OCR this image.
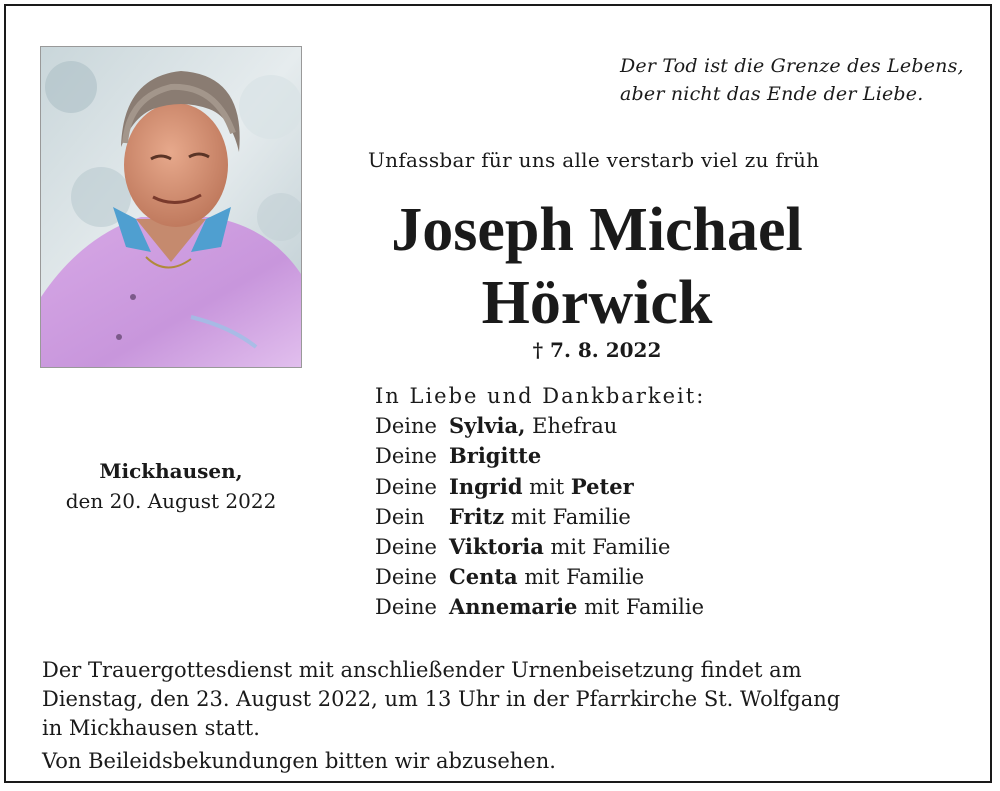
Der Tod ist die Grenze des Lebens,
aber nicht das Ende der Liebe.
Unfassbar für uns alle verstarb viel zu früh
Joseph Michael
Hörwick
† 7. 8. 2022
In Liebe und Dankbarkeit:
Deine Sylvia, Ehefrau
Deine Brigitte
Deine Ingrid mit Peter
Dein Fritz mit Familie
Deine Viktoria mit Familie
Deine Centa mit Familie
Deine Annemarie mit Familie
Mickhausen,
den 20. August 2022

Der Trauergottesdienst mit anschließender Urnenbeisetzung findet am

Dienstag, den 23. August 2022, um 13 Uhr in der Pfarrkirche St. Wolfgang

in Mickhausen statt.

Von Beileidsbekundungen bitten wir abzusehen.
